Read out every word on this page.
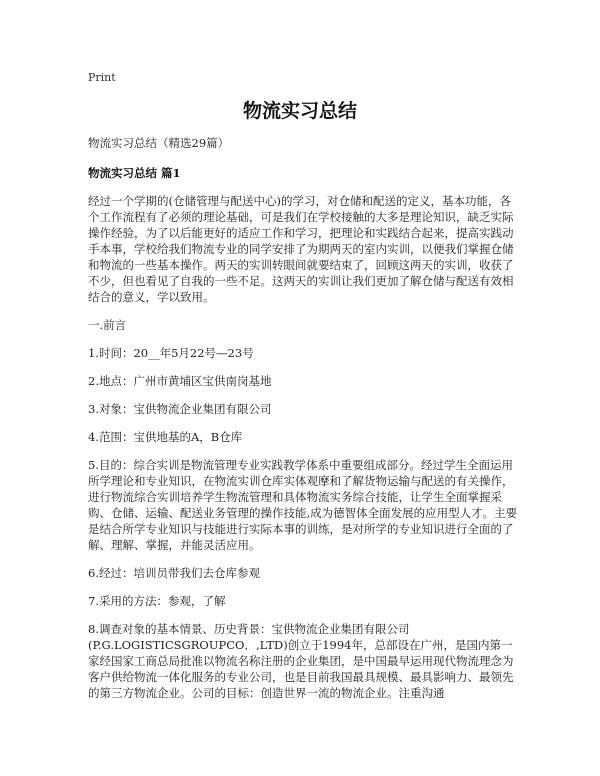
Print
物流实习总结

物流实习总结（精选29篇）

物流实习总结 篇1

经过一个学期的(仓储管理与配送中心)的学习，对仓储和配送的定义，基本功能，各个工作流程有了必须的理论基础，可是我们在学校接触的大多是理论知识，缺乏实际操作经验，为了以后能更好的适应工作和学习，把理论和实践结合起来，提高实践动手本事，学校给我们物流专业的同学安排了为期两天的室内实训，以便我们掌握仓储和物流的一些基本操作。两天的实训转眼间就要结束了，回顾这两天的实训，收获了不少，但也看见了自我的一些不足。这两天的实训让我们更加了解仓储与配送有效相结合的意义，学以致用。

一.前言

1.时间：20__年5月22号—23号

2.地点：广州市黄埔区宝供南岗基地

3.对象：宝供物流企业集团有限公司

4.范围：宝供地基的A，B仓库

5.目的：综合实训是物流管理专业实践教学体系中重要组成部分。经过学生全面运用所学理论和专业知识，在物流实训仓库实体观摩和了解货物运输与配送的有关操作，进行物流综合实训培养学生物流管理和具体物流实务综合技能，让学生全面掌握采购、仓储、运输、配送业务管理的操作技能,成为德智体全面发展的应用型人才。主要是结合所学专业知识与技能进行实际本事的训练，是对所学的专业知识进行全面的了解、理解、掌握，并能灵活应用。

6.经过：培训员带我们去仓库参观

7.采用的方法：参观，了解

8.调查对象的基本情景、历史背景：宝供物流企业集团有限公司(P.G.LOGISTICSGROUPCO．,LTD)创立于1994年，总部设在广州，是国内第一家经国家工商总局批准以物流名称注册的企业集团，是中国最早运用现代物流理念为客户供给物流一体化服务的专业公司，也是目前我国最具规模、最具影响力、最领先的第三方物流企业。公司的目标：创造世界一流的物流企业。注重沟通
